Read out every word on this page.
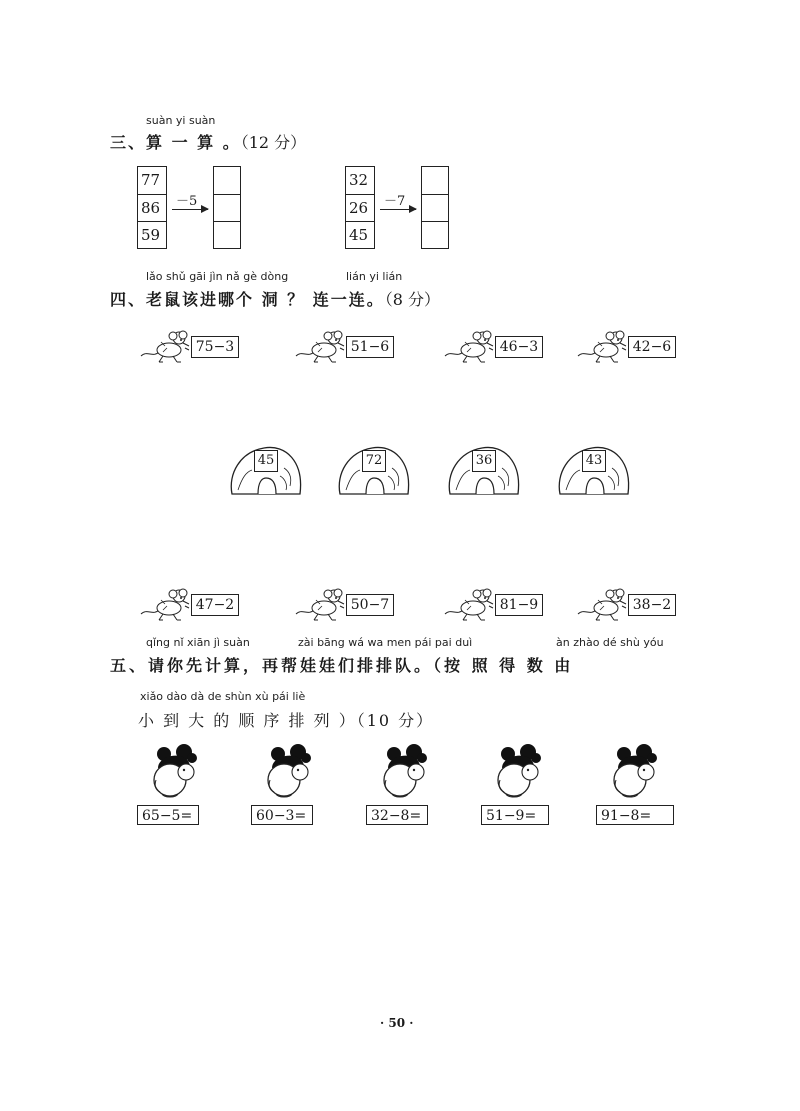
suàn yi suàn
三、算 一 算 。（12 分）
77
86
59
－5
32
26
45
－7
lǎo shǔ gāi jìn nǎ gè dòng	lián yi lián
四、老鼠该进哪个 洞 ？ 连一连。（8 分）
75−3	51−6	46−3	42−6
45	72	36	43
47−2	50−7	81−9	38−2
qǐng nǐ xiān jì suàn	zài bāng wá wa men pái pai duì	àn zhào dé shù yóu
五、请你先计算，再帮娃娃们排排队。（按 照 得 数 由
xiǎo dào dà de shùn xù pái liè
小 到 大 的 顺 序 排 列 ）（10 分）
65−5=	60−3=	32−8=	51−9=	91−8=
· 50 ·
